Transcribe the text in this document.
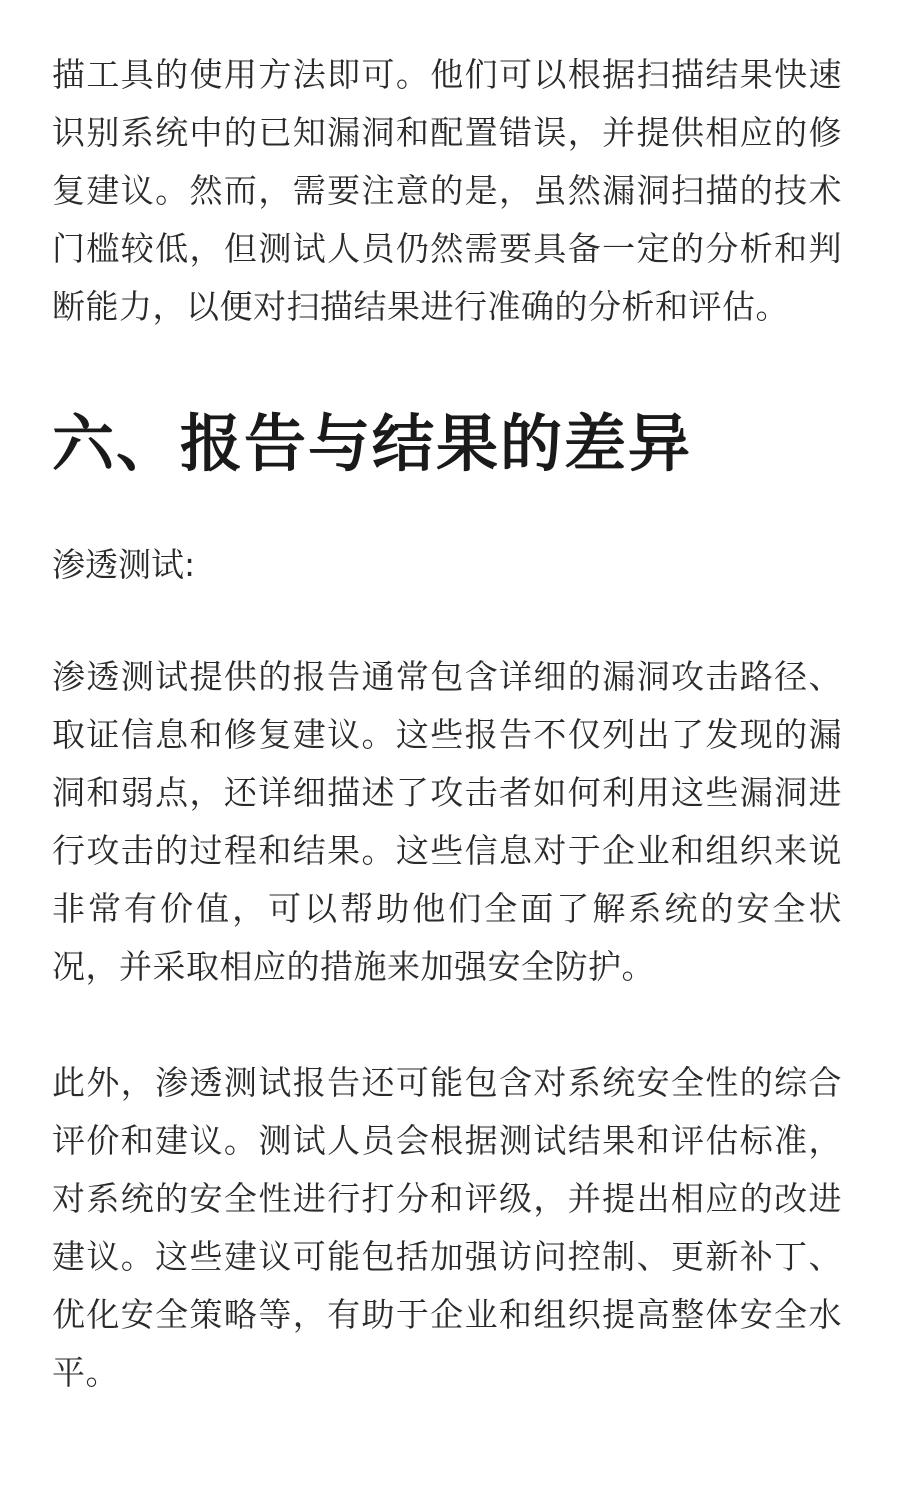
描工具的使用方法即可。他们可以根据扫描结果快速识别系统中的已知漏洞和配置错误，并提供相应的修复建议。然而，需要注意的是，虽然漏洞扫描的技术门槛较低，但测试人员仍然需要具备一定的分析和判断能力，以便对扫描结果进行准确的分析和评估。

六、报告与结果的差异

渗透测试:

渗透测试提供的报告通常包含详细的漏洞攻击路径、取证信息和修复建议。这些报告不仅列出了发现的漏洞和弱点，还详细描述了攻击者如何利用这些漏洞进行攻击的过程和结果。这些信息对于企业和组织来说非常有价值，可以帮助他们全面了解系统的安全状况，并采取相应的措施来加强安全防护。

此外，渗透测试报告还可能包含对系统安全性的综合评价和建议。测试人员会根据测试结果和评估标准，对系统的安全性进行打分和评级，并提出相应的改进建议。这些建议可能包括加强访问控制、更新补丁、优化安全策略等，有助于企业和组织提高整体安全水平。
